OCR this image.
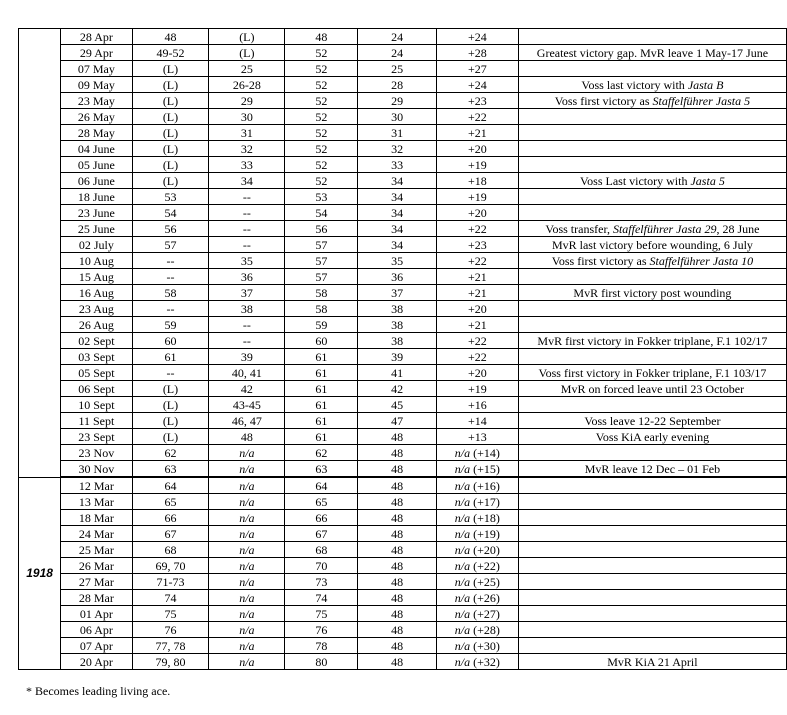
	28 Apr	48	(L)	48	24	+24	
	29 Apr	49-52	(L)	52	24	+28	Greatest victory gap. MvR leave 1 May-17 June
	07 May	(L)	25	52	25	+27	
	09 May	(L)	26-28	52	28	+24	Voss last victory with Jasta B
	23 May	(L)	29	52	29	+23	Voss first victory as Staffelführer Jasta 5
	26 May	(L)	30	52	30	+22	
	28 May	(L)	31	52	31	+21	
	04 June	(L)	32	52	32	+20	
	05 June	(L)	33	52	33	+19	
	06 June	(L)	34	52	34	+18	Voss Last victory with Jasta 5
	18 June	53	--	53	34	+19	
	23 June	54	--	54	34	+20	
	25 June	56	--	56	34	+22	Voss transfer, Staffelführer Jasta 29, 28 June
	02 July	57	--	57	34	+23	MvR last victory before wounding, 6 July
	10 Aug	--	35	57	35	+22	Voss first victory as Staffelführer Jasta 10
	15 Aug	--	36	57	36	+21	
	16 Aug	58	37	58	37	+21	MvR first victory post wounding
	23 Aug	--	38	58	38	+20	
	26 Aug	59	--	59	38	+21	
	02 Sept	60	--	60	38	+22	MvR first victory in Fokker triplane, F.1 102/17
	03 Sept	61	39	61	39	+22	
	05 Sept	--	40, 41	61	41	+20	Voss first victory in Fokker triplane, F.1 103/17
	06 Sept	(L)	42	61	42	+19	MvR on forced leave until 23 October
	10 Sept	(L)	43-45	61	45	+16	
	11 Sept	(L)	46, 47	61	47	+14	Voss leave 12-22 September
	23 Sept	(L)	48	61	48	+13	Voss KiA early evening
	23 Nov	62	n/a	62	48	n/a (+14)	
	30 Nov	63	n/a	63	48	n/a (+15)	MvR leave 12 Dec – 01 Feb
1918	12 Mar	64	n/a	64	48	n/a (+16)	
	13 Mar	65	n/a	65	48	n/a (+17)	
	18 Mar	66	n/a	66	48	n/a (+18)	
	24 Mar	67	n/a	67	48	n/a (+19)	
	25 Mar	68	n/a	68	48	n/a (+20)	
	26 Mar	69, 70	n/a	70	48	n/a (+22)	
	27 Mar	71-73	n/a	73	48	n/a (+25)	
	28 Mar	74	n/a	74	48	n/a (+26)	
	01 Apr	75	n/a	75	48	n/a (+27)	
	06 Apr	76	n/a	76	48	n/a (+28)	
	07 Apr	77, 78	n/a	78	48	n/a (+30)	
	20 Apr	79, 80	n/a	80	48	n/a (+32)	MvR KiA 21 April
* Becomes leading living ace.
